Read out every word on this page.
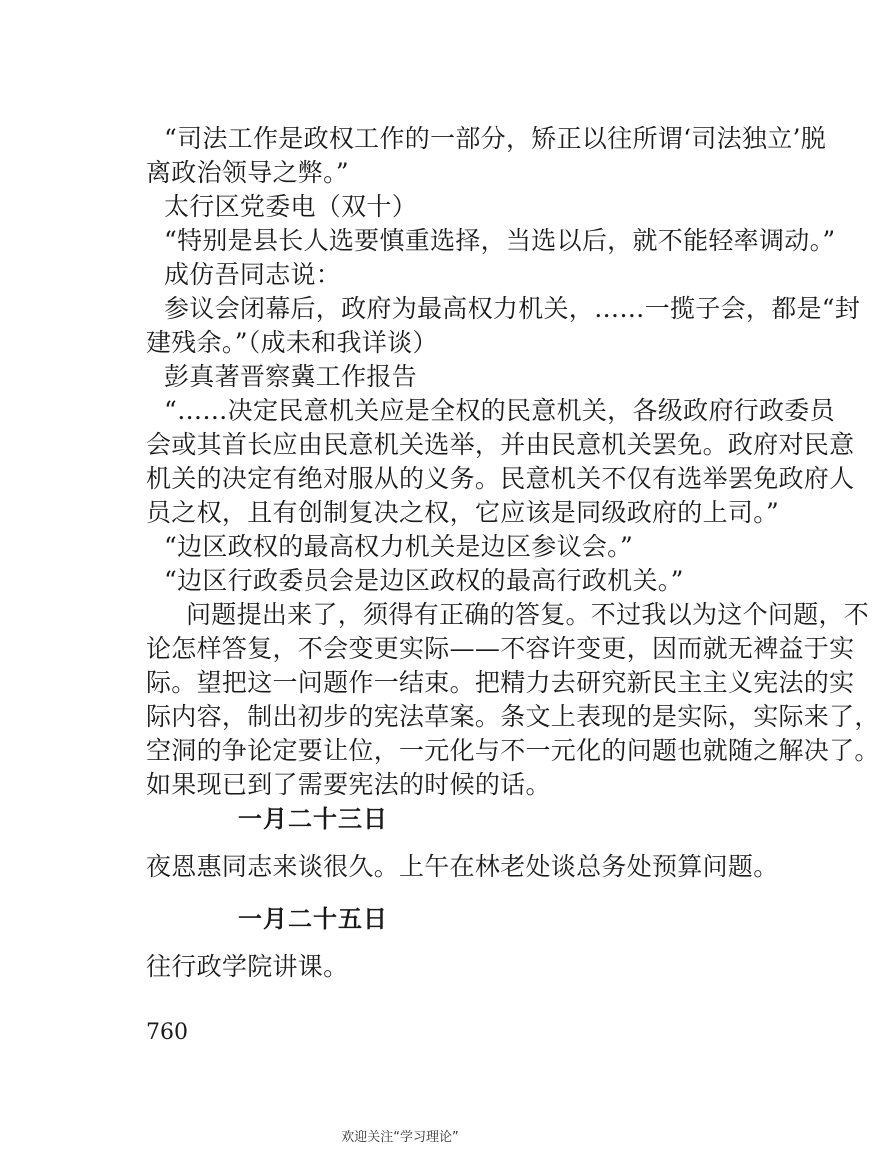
“司法工作是政权工作的一部分，矫正以往所谓‘司法独立’脱
离政治领导之弊。”
太行区党委电（双十）
“特别是县长人选要慎重选择，当选以后，就不能轻率调动。”
成仿吾同志说：
参议会闭幕后，政府为最高权力机关，……一揽子会，都是“封
建残余。”（成未和我详谈）
彭真著晋察冀工作报告
“……决定民意机关应是全权的民意机关，各级政府行政委员
会或其首长应由民意机关选举，并由民意机关罢免。政府对民意
机关的决定有绝对服从的义务。民意机关不仅有选举罢免政府人
员之权，且有创制复决之权，它应该是同级政府的上司。”
“边区政权的最高权力机关是边区参议会。”
“边区行政委员会是边区政权的最高行政机关。”
问题提出来了，须得有正确的答复。不过我以为这个问题，不
论怎样答复，不会变更实际——不容许变更，因而就无裨益于实
际。望把这一问题作一结束。把精力去研究新民主主义宪法的实
际内容，制出初步的宪法草案。条文上表现的是实际，实际来了，
空洞的争论定要让位，一元化与不一元化的问题也就随之解决了。
如果现已到了需要宪法的时候的话。
一月二十三日
夜恩惠同志来谈很久。上午在林老处谈总务处预算问题。
一月二十五日
往行政学院讲课。
760
欢迎关注“学习理论”
